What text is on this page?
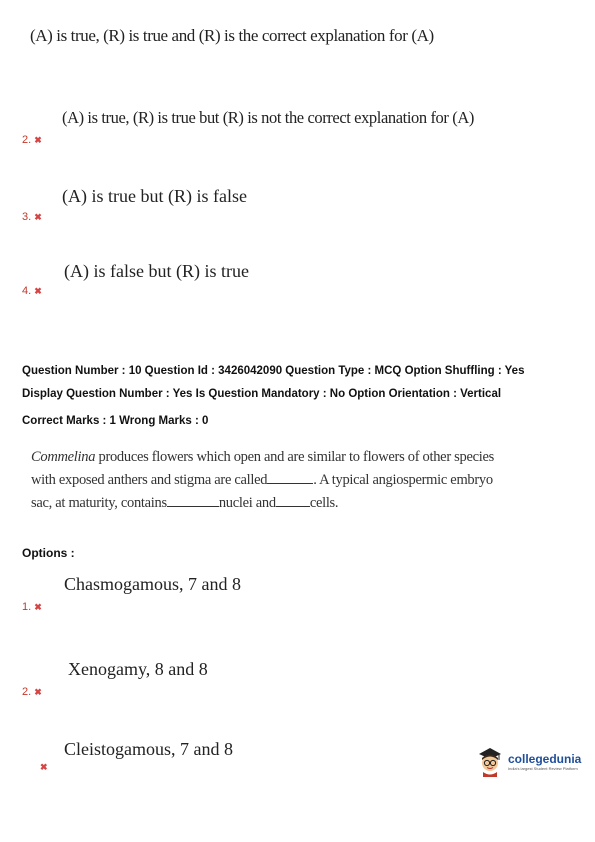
(A) is true, (R) is true and (R) is the correct explanation for (A)
(A) is true, (R) is true but (R) is not the correct explanation for (A)
2. ✖
(A) is true but (R) is false
3. ✖
(A) is false but (R) is true
4. ✖
Question Number : 10 Question Id : 3426042090 Question Type : MCQ Option Shuffling : Yes
Display Question Number : Yes Is Question Mandatory : No Option Orientation : Vertical
Correct Marks : 1 Wrong Marks : 0
Commelina produces flowers which open and are similar to flowers of other species
with exposed anthers and stigma are called	. A typical angiospermic embryo
sac, at maturity, contains	nuclei and cells.
Options :
Chasmogamous, 7 and 8
1. ✖
Xenogamy, 8 and 8
2. ✖
Cleistogamous, 7 and 8
✖
collegedunia
India's largest Student Review Platform
